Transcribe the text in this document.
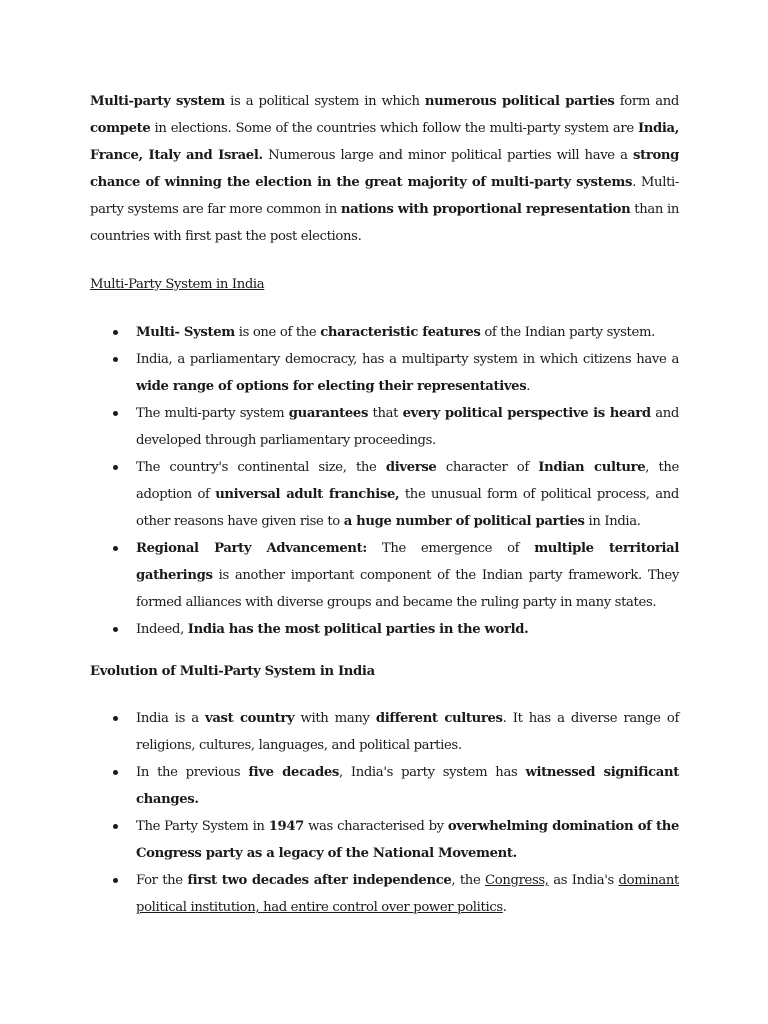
Multi-party system is a political system in which numerous political parties form and compete in elections. Some of the countries which follow the multi-party system are India, France, Italy and Israel. Numerous large and minor political parties will have a strong chance of winning the election in the great majority of multi-party systems. Multi-party systems are far more common in nations with proportional representation than in countries with first past the post elections.

Multi-Party System in India

Multi- System is one of the characteristic features of the Indian party system.
India, a parliamentary democracy, has a multiparty system in which citizens have a wide range of options for electing their representatives.
The multi-party system guarantees that every political perspective is heard and developed through parliamentary proceedings.
The country's continental size, the diverse character of Indian culture, the adoption of universal adult franchise, the unusual form of political process, and other reasons have given rise to a huge number of political parties in India.
Regional Party Advancement: The emergence of multiple territorial gatherings is another important component of the Indian party framework. They formed alliances with diverse groups and became the ruling party in many states.
Indeed, India has the most political parties in the world.

Evolution of Multi-Party System in India

India is a vast country with many different cultures. It has a diverse range of religions, cultures, languages, and political parties.
In the previous five decades, India's party system has witnessed significant changes.
The Party System in 1947 was characterised by overwhelming domination of the Congress party as a legacy of the National Movement.
For the first two decades after independence, the Congress, as India's dominant political institution, had entire control over power politics.
